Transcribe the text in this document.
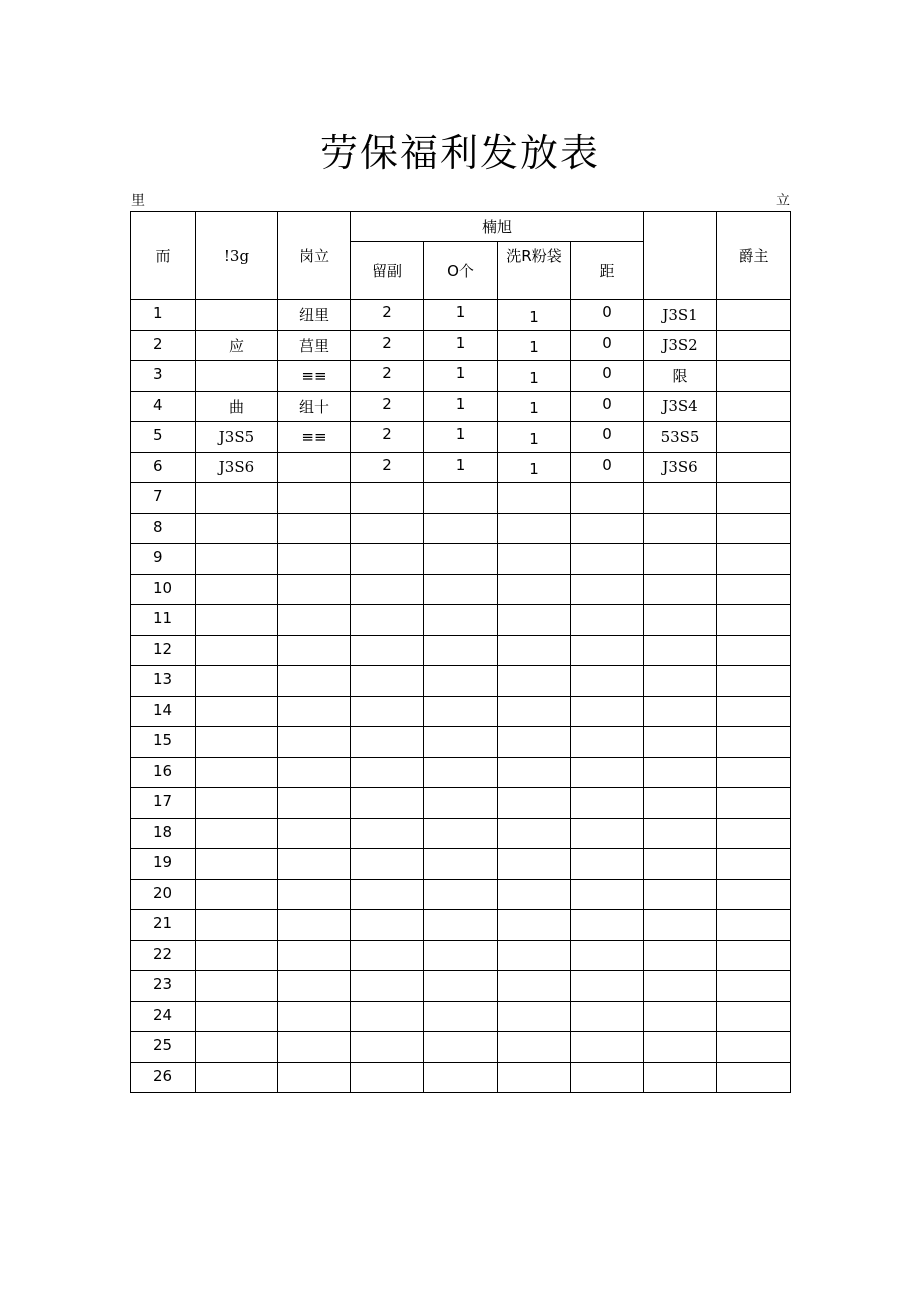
劳保福利发放表
里	立
而	!3g	岗立	楠旭					爵主
			留副	O个	洗R粉袋	距		
1		纽里	2	1	1	0	J3S1	
2	应	莒里	2	1	1	0	J3S2	
3		≡≡	2	1	1	0	限	
4	曲	组十	2	1	1	0	J3S4	
5	J3S5	≡≡	2	1	1	0	53S5	
6	J3S6		2	1	1	0	J3S6	
7								
8								
9								
10								
11								
12								
13								
14								
15								
16								
17								
18								
19								
20								
21								
22								
23								
24								
25								
26								
